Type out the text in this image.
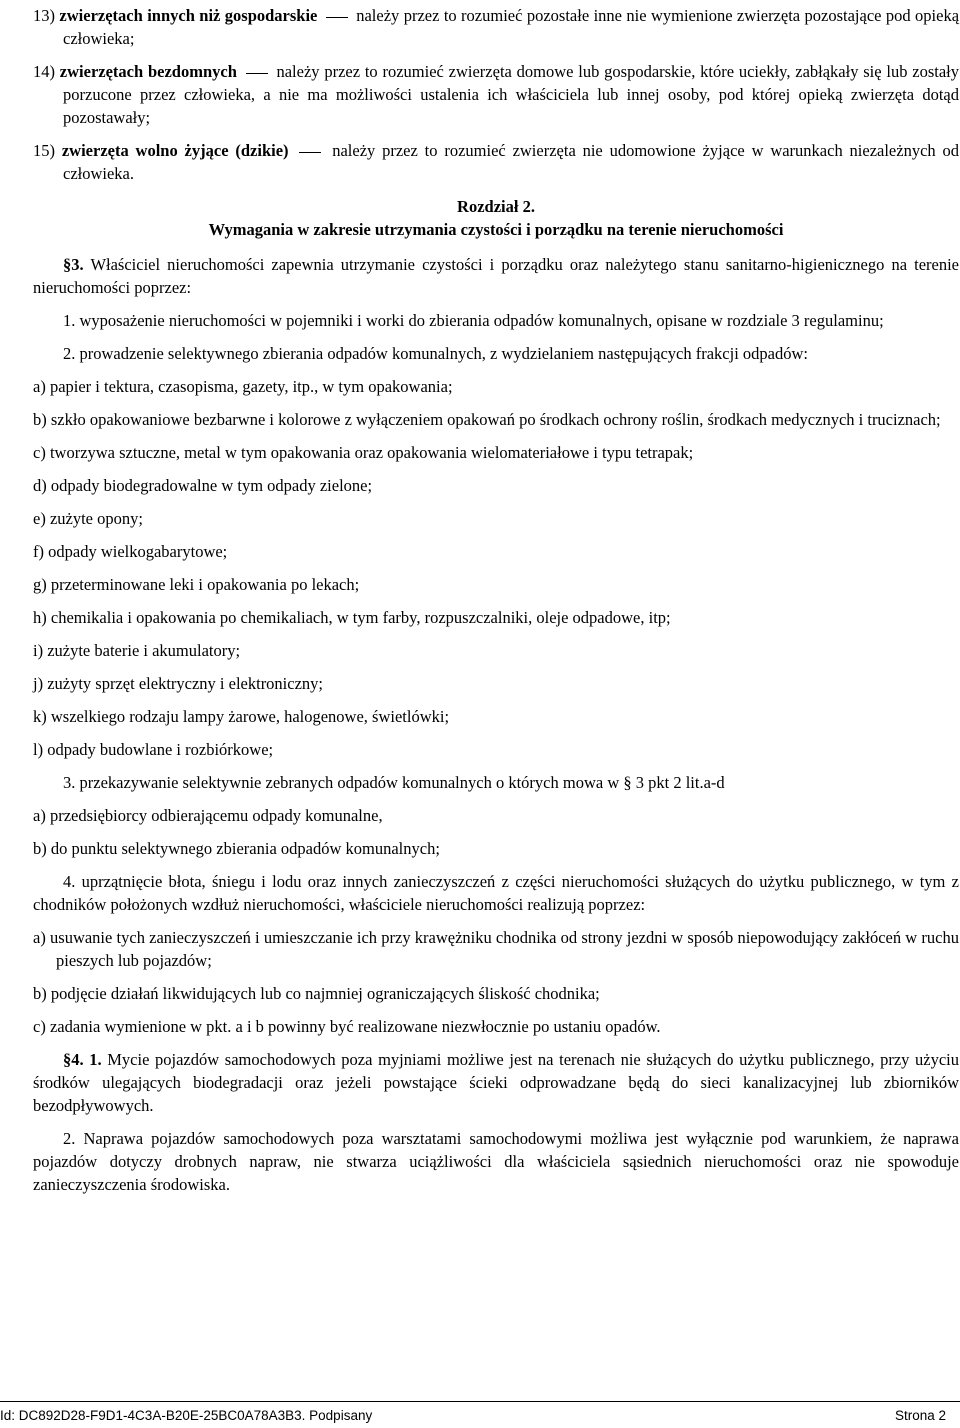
13) zwierzętach innych niż gospodarskie należy przez to rozumieć pozostałe inne nie wymienione zwierzęta pozostające pod opieką człowieka;

14) zwierzętach bezdomnych należy przez to rozumieć zwierzęta domowe lub gospodarskie, które uciekły, zabłąkały się lub zostały porzucone przez człowieka, a nie ma możliwości ustalenia ich właściciela lub innej osoby, pod której opieką zwierzęta dotąd pozostawały;

15) zwierzęta wolno żyjące (dzikie)	należy przez to rozumieć zwierzęta nie udomowione żyjące w warunkach niezależnych od człowieka.

Rozdział 2.

Wymagania w zakresie utrzymania czystości i porządku na terenie nieruchomości

§3. Właściciel nieruchomości zapewnia utrzymanie czystości i porządku oraz należytego stanu sanitarno-higienicznego na terenie nieruchomości poprzez:

1. wyposażenie nieruchomości w pojemniki i worki do zbierania odpadów komunalnych, opisane w rozdziale 3 regulaminu;

2. prowadzenie selektywnego zbierania odpadów komunalnych, z wydzielaniem następujących frakcji odpadów:

a) papier i tektura, czasopisma, gazety, itp., w tym opakowania;

b) szkło opakowaniowe bezbarwne i kolorowe z wyłączeniem opakowań po środkach ochrony roślin, środkach medycznych i truciznach;

c) tworzywa sztuczne, metal w tym opakowania oraz opakowania wielomateriałowe i typu tetrapak;

d) odpady biodegradowalne w tym odpady zielone;

e) zużyte opony;

f) odpady wielkogabarytowe;

g) przeterminowane leki i opakowania po lekach;

h) chemikalia i opakowania po chemikaliach, w tym farby, rozpuszczalniki, oleje odpadowe, itp;

i) zużyte baterie i akumulatory;

j) zużyty sprzęt elektryczny i elektroniczny;

k) wszelkiego rodzaju lampy żarowe, halogenowe, świetlówki;

l) odpady budowlane i rozbiórkowe;

3. przekazywanie selektywnie zebranych odpadów komunalnych o których mowa w § 3 pkt 2 lit.a-d

a) przedsiębiorcy odbierającemu odpady komunalne,

b) do punktu selektywnego zbierania odpadów komunalnych;

4. uprzątnięcie błota, śniegu i lodu oraz innych zanieczyszczeń z części nieruchomości służących do użytku publicznego, w tym z chodników położonych wzdłuż nieruchomości, właściciele nieruchomości realizują poprzez:

a) usuwanie tych zanieczyszczeń i umieszczanie ich przy krawężniku chodnika od strony jezdni w sposób niepowodujący zakłóceń w ruchu pieszych lub pojazdów;

b) podjęcie działań likwidujących lub co najmniej ograniczających śliskość chodnika;

c) zadania wymienione w pkt. a i b powinny być realizowane niezwłocznie po ustaniu opadów.

§4. 1. Mycie pojazdów samochodowych poza myjniami możliwe jest na terenach nie służących do użytku publicznego, przy użyciu środków ulegających biodegradacji oraz jeżeli powstające ścieki odprowadzane będą do sieci kanalizacyjnej lub zbiorników bezodpływowych.

2. Naprawa pojazdów samochodowych poza warsztatami samochodowymi możliwa jest wyłącznie pod warunkiem, że naprawa pojazdów dotyczy drobnych napraw, nie stwarza uciążliwości dla właściciela sąsiednich nieruchomości oraz nie spowoduje zanieczyszczenia środowiska.

Id: DC892D28-F9D1-4C3A-B20E-25BC0A78A3B3. Podpisany	Strona 2
